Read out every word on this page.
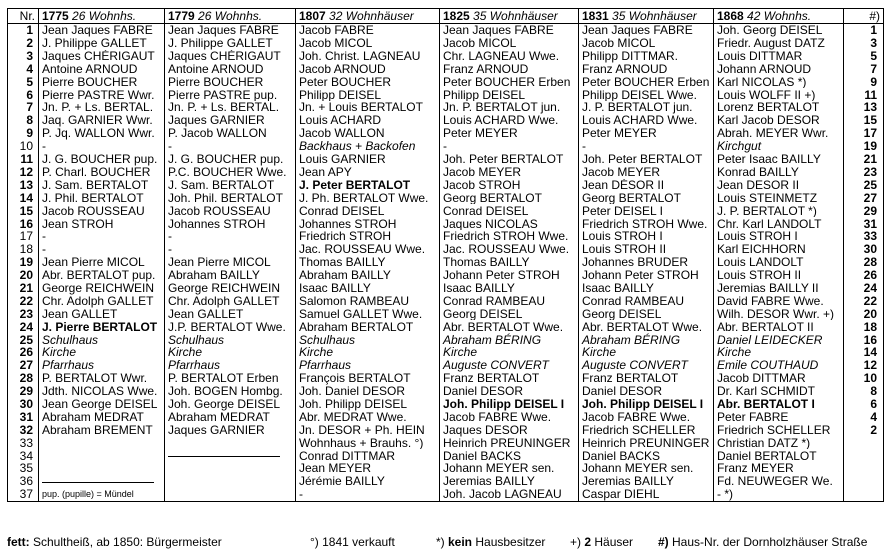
Nr.	1775 26 Wohnhs.	1779 26 Wohnhs.	1807 32 Wohnhäuser	1825 35 Wohnhäuser	1831 35 Wohnhäuser	1868 42 Wohnhs.	#)
1	Jean Jaques FABRE	Jean Jaques FABRE	Jacob FABRE	Jean Jaques FABRE	Jean Jaques FABRE	Joh. Georg DEISEL	1
2	J. Philippe GALLET	J. Philippe GALLET	Jacob MICOL	Jacob MICOL	Jacob MICOL	Friedr. August DATZ	3
3	Jaques CHÉRIGAUT	Jaques CHÉRIGAUT	Joh. Christ. LAGNEAU	Chr. LAGNEAU Wwe.	Philipp DITTMAR.	Louis DITTMAR	5
4	Antoine ARNOUD	Antoine ARNOUD	Jacob ARNOUD	Franz ARNOUD	Franz ARNOUD	Johann ARNOUD	7
5	Pierre BOUCHER	Pierre BOUCHER	Peter BOUCHER	Peter BOUCHER Erben	Peter BOUCHER Erben	Karl NICOLAS *)	9
6	Pierre PASTRE Wwr.	Pierre PASTRE pup.	Philipp DEISEL	Philipp DEISEL	Philipp DEISEL Wwe.	Louis WOLFF II +)	11
7	Jn. P. + Ls. BERTAL.	Jn. P. + Ls. BERTAL.	Jn. + Louis BERTALOT	Jn. P. BERTALOT jun.	J. P. BERTALOT jun.	Lorenz BERTALOT	13
8	Jaq. GARNIER Wwr.	Jaques GARNIER	Louis ACHARD	Louis ACHARD Wwe.	Louis ACHARD Wwe.	Karl Jacob DESOR	15
9	P. Jq. WALLON Wwr.	P. Jacob WALLON	Jacob WALLON	Peter MEYER	Peter MEYER	Abrah. MEYER Wwr.	17
10	-	-	Backhaus + Backofen	-	-	Kirchgut	19
11	J. G. BOUCHER pup.	J. G. BOUCHER pup.	Louis GARNIER	Joh. Peter BERTALOT	Joh. Peter BERTALOT	Peter Isaac BAILLY	21
12	P. Charl. BOUCHER	P.C. BOUCHER Wwe.	Jean APY	Jacob MEYER	Jacob MEYER	Konrad BAILLY	23
13	J. Sam. BERTALOT	J. Sam. BERTALOT	J. Peter BERTALOT	Jacob STROH	Jean DÉSOR II	Jean DESOR II	25
14	J. Phil. BERTALOT	Joh. Phil. BERTALOT	J. Ph. BERTALOT Wwe.	Georg BERTALOT	Georg BERTALOT	Louis STEINMETZ	27
15	Jacob ROUSSEAU	Jacob ROUSSEAU	Conrad DEISEL	Conrad DEISEL	Peter DEISEL I	J. P. BERTALOT *)	29
16	Jean STROH	Johannes STROH	Johannes STROH	Jaques NICOLAS	Friedrich STROH Wwe.	Chr. Karl LANDOLT	31
17	-	-	Friedrich STROH	Friedrich STROH Wwe.	Louis STROH I	Louis STROH I	33
18	-	-	Jac. ROUSSEAU Wwe.	Jac. ROUSSEAU Wwe.	Louis STROH II	Karl EICHHORN	30
19	Jean Pierre MICOL	Jean Pierre MICOL	Thomas BAILLY	Thomas BAILLY	Johannes BRUDER	Louis LANDOLT	28
20	Abr. BERTALOT pup.	Abraham BAILLY	Abraham BAILLY	Johann Peter STROH	Johann Peter STROH	Louis STROH II	26
21	George REICHWEIN	George REICHWEIN	Isaac BAILLY	Isaac BAILLY	Isaac BAILLY	Jeremias BAILLY II	24
22	Chr. Adolph GALLET	Chr. Adolph GALLET	Salomon RAMBEAU	Conrad RAMBEAU	Conrad RAMBEAU	David FABRE Wwe.	22
23	Jean GALLET	Jean GALLET	Samuel GALLET Wwe.	Georg DEISEL	Georg DEISEL	Wilh. DESOR Wwr. +)	20
24	J. Pierre BERTALOT	J.P. BERTALOT Wwe.	Abraham BERTALOT	Abr. BERTALOT Wwe.	Abr. BERTALOT Wwe.	Abr. BERTALOT II	18
25	Schulhaus	Schulhaus	Schulhaus	Abraham BÉRING	Abraham BÉRING	Daniel LEIDECKER	16
26	Kirche	Kirche	Kirche	Kirche	Kirche	Kirche	14
27	Pfarrhaus	Pfarrhaus	Pfarrhaus	Auguste CONVERT	Auguste CONVERT	Emile COUTHAUD	12
28	P. BERTALOT Wwr.	P. BERTALOT Erben	François BERTALOT	Franz BERTALOT	Franz BERTALOT	Jacob DITTMAR	10
29	Jdth. NICOLAS Wwe.	Joh. BOGEN Hombg.	Joh. Daniel DESOR	Daniel DESOR	Daniel DESOR	Dr. Karl SCHMIDT	8
30	Jean George DEISEL	Joh. George DEISEL	Joh. Philipp DEISEL	Joh. Philipp DEISEL I	Joh. Philipp DEISEL I	Abr. BERTALOT I	6
31	Abraham MEDRAT	Abraham MEDRAT	Abr. MEDRAT Wwe.	Jacob FABRE Wwe.	Jacob FABRE Wwe.	Peter FABRE	4
32	Abraham BREMENT	Jaques GARNIER	Jn. DESOR + Ph. HEIN	Jaques DESOR	Friedrich SCHELLER	Friedrich SCHELLER	2
33			Wohnhaus + Brauhs. °)	Heinrich PREUNINGER	Heinrich PREUNINGER	Christian DATZ *)	
34			Conrad DITTMAR	Daniel BACKS	Daniel BACKS	Daniel BERTALOT	
35			Jean MEYER	Johann MEYER sen.	Johann MEYER sen.	Franz MEYER	
36			Jérémie BAILLY	Jeremias BAILLY	Jeremias BAILLY	Fd. NEUWEGER We.	
37	pup. (pupille) = Mündel		-	Joh. Jacob LAGNEAU	Caspar DIEHL	- *)	
fett: Schultheiß, ab 1850: Bürgermeister	°) 1841 verkauft	*) kein Hausbesitzer +) 2 Häuser #) Haus-Nr. der Dornholzhäuser Straße
